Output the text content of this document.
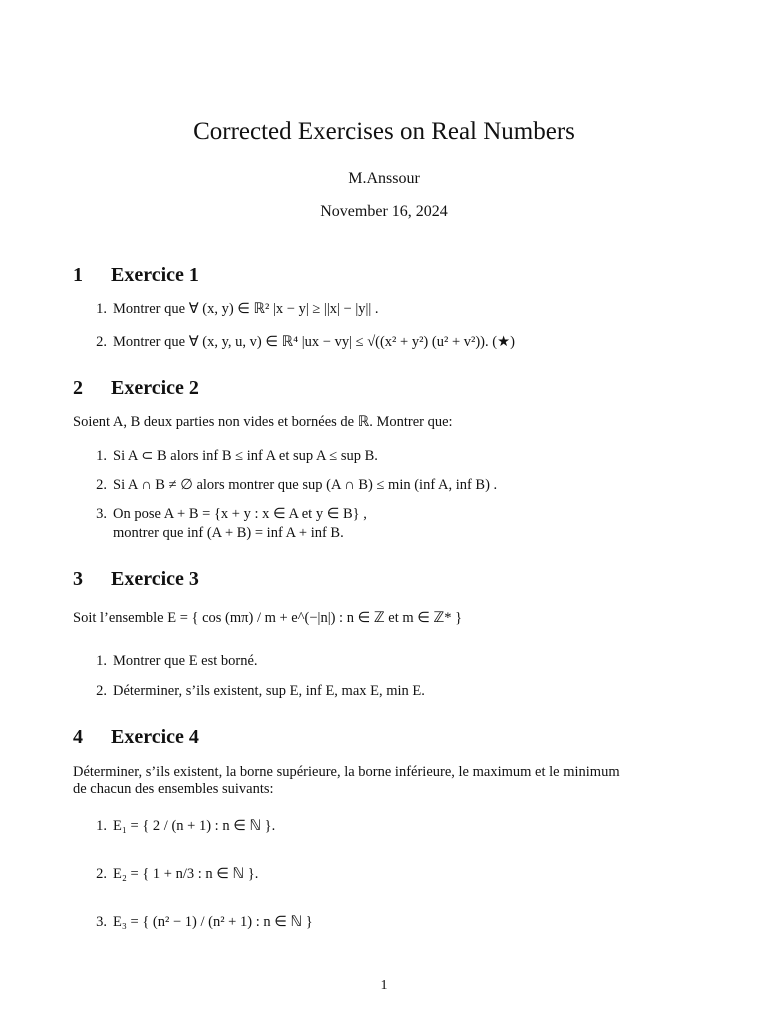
Corrected Exercises on Real Numbers
M.Anssour
November 16, 2024
1 Exercice 1
1. Montrer que ∀ (x, y) ∈ ℝ² |x − y| ≥ ||x| − |y|| .
2. Montrer que ∀ (x, y, u, v) ∈ ℝ⁴ |ux − vy| ≤ √((x² + y²) (u² + v²)). (★)
2 Exercice 2
Soient A, B deux parties non vides et bornées de ℝ. Montrer que:
1. Si A ⊂ B alors inf B ≤ inf A et sup A ≤ sup B.
2. Si A ∩ B ≠ ∅ alors montrer que sup (A ∩ B) ≤ min (inf A, inf B) .
3. On pose A + B = {x + y : x ∈ A et y ∈ B} ,
montrer que inf (A + B) = inf A + inf B.
3 Exercice 3
Soit l’ensemble E = { cos (mπ) / m + e^(−|n|) : n ∈ ℤ et m ∈ ℤ* }
1. Montrer que E est borné.
2. Déterminer, s’ils existent, sup E, inf E, max E, min E.
4 Exercice 4
Déterminer, s’ils existent, la borne supérieure, la borne inférieure, le maximum et le minimum
de chacun des ensembles suivants:
1. E₁ = { 2 / (n + 1) : n ∈ ℕ }.
2. E₂ = { 1 + n/3 : n ∈ ℕ }.
3. E₃ = { (n² − 1) / (n² + 1) : n ∈ ℕ }
1
